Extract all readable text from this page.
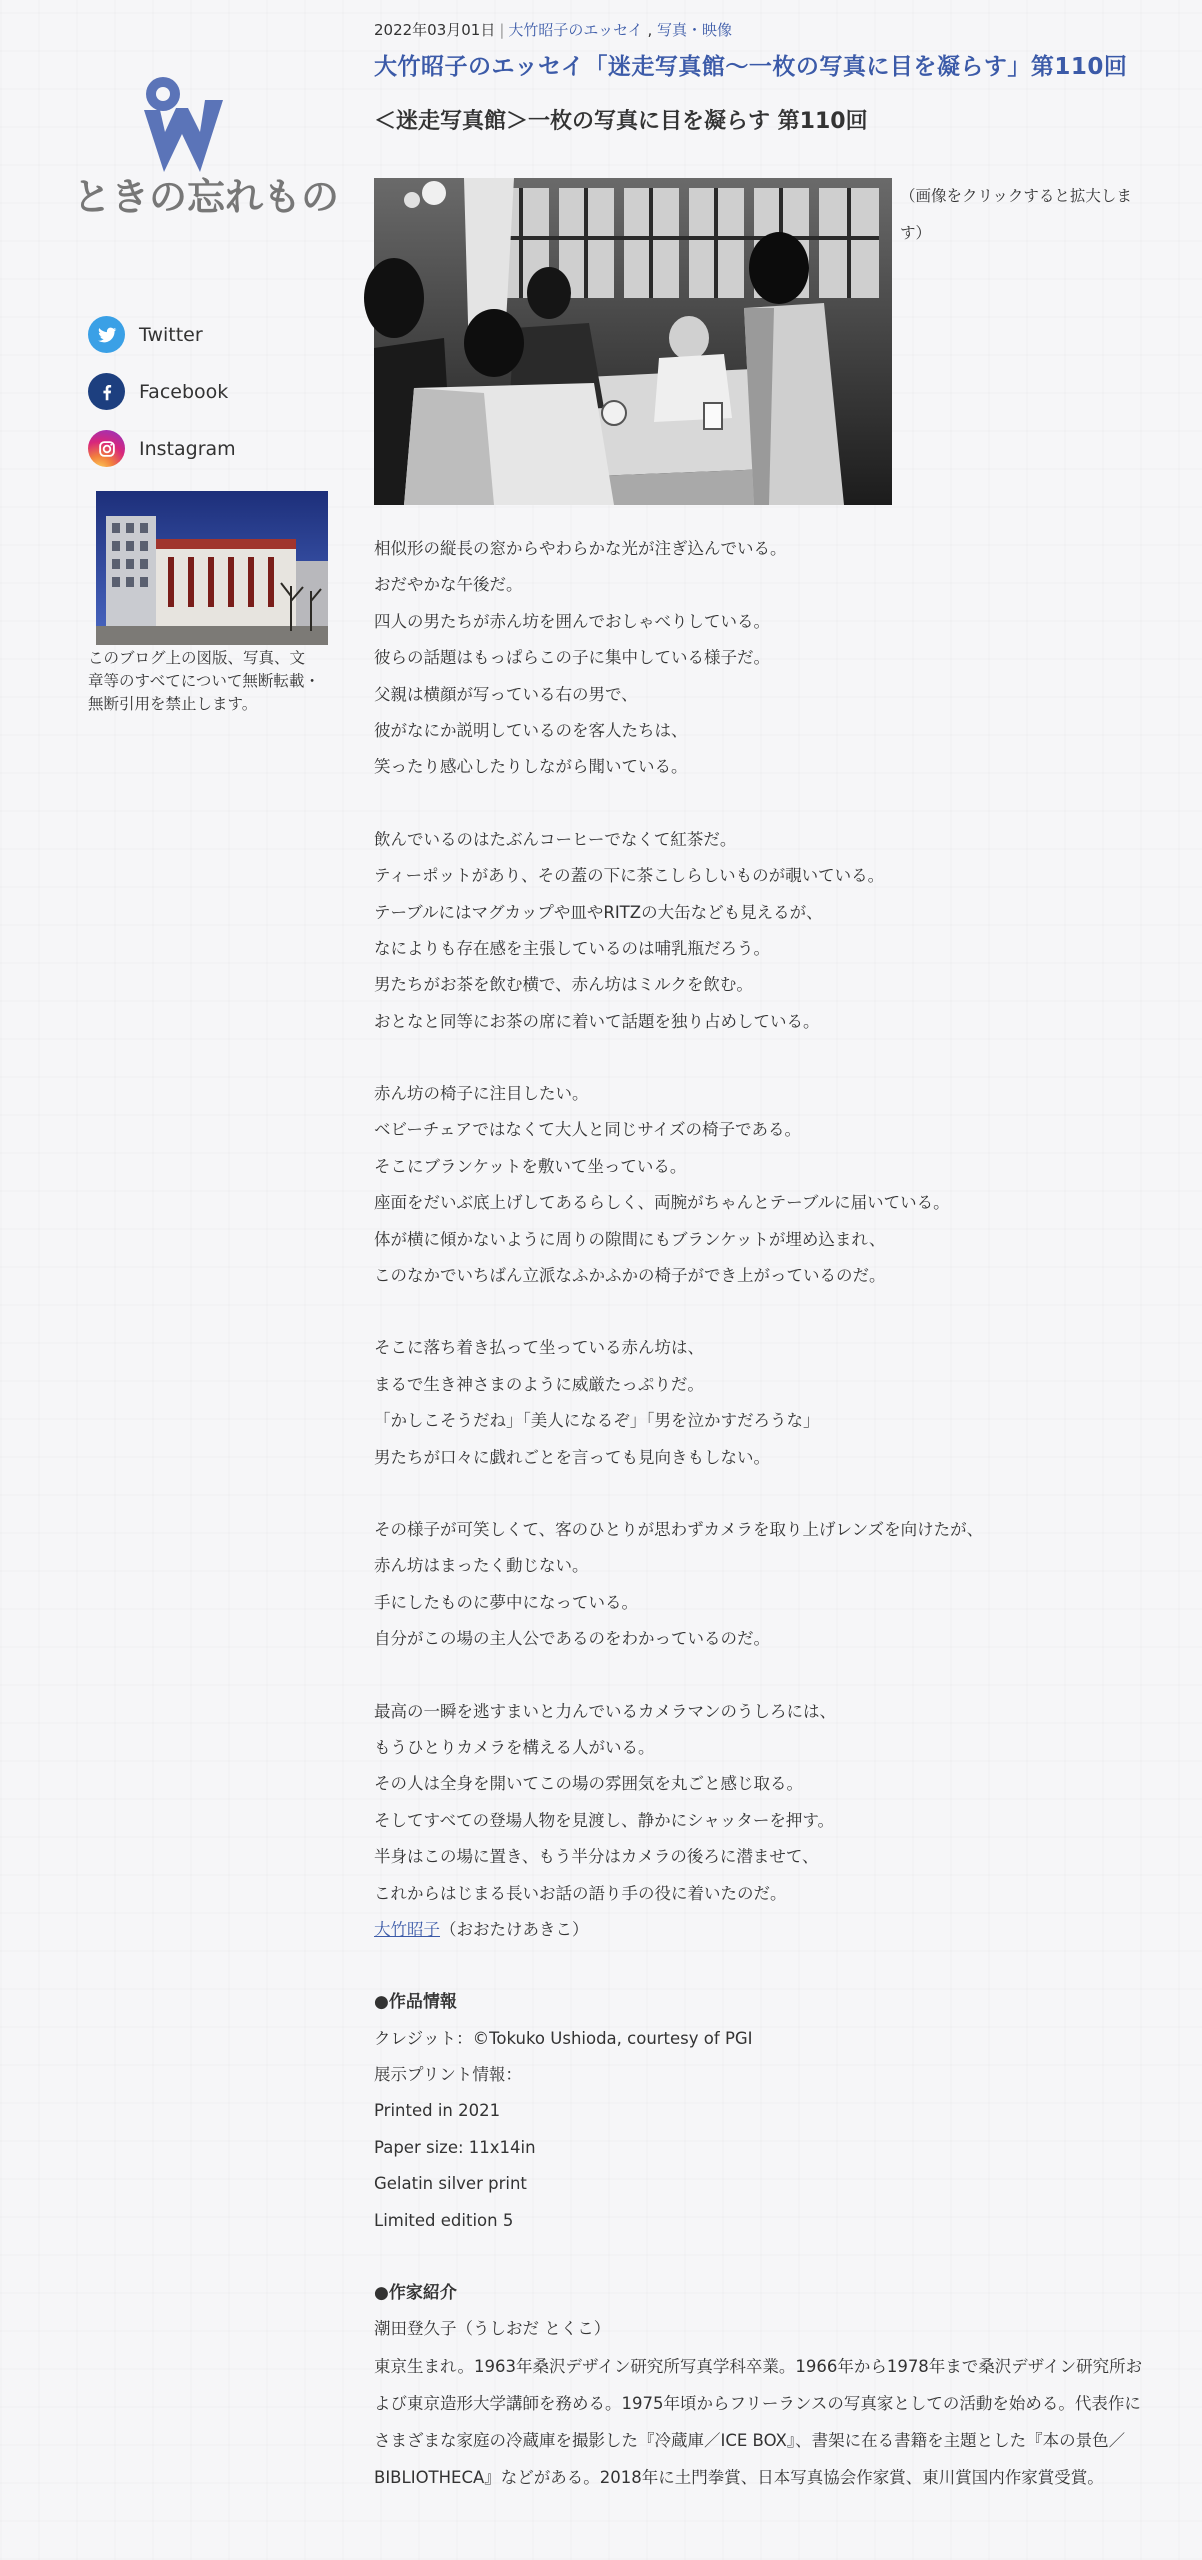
ときの忘れもの
Twitter
Facebook
Instagram

このブログ上の図版、写真、文章等のすべてについて無断転載・無断引用を禁止します。

2022年03月01日 | 大竹昭子のエッセイ , 写真・映像
大竹昭子のエッセイ「迷走写真館〜一枚の写真に目を凝らす」第110回
＜迷走写真館＞一枚の写真に目を凝らす 第110回

（画像をクリックすると拡大します）

相似形の縦長の窓からやわらかな光が注ぎ込んでいる。
おだやかな午後だ。
四人の男たちが赤ん坊を囲んでおしゃべりしている。
彼らの話題はもっぱらこの子に集中している様子だ。
父親は横顔が写っている右の男で、
彼がなにか説明しているのを客人たちは、
笑ったり感心したりしながら聞いている。
飲んでいるのはたぶんコーヒーでなくて紅茶だ。
ティーポットがあり、その蓋の下に茶こしらしいものが覗いている。
テーブルにはマグカップや皿やRITZの大缶なども見えるが、
なによりも存在感を主張しているのは哺乳瓶だろう。
男たちがお茶を飲む横で、赤ん坊はミルクを飲む。
おとなと同等にお茶の席に着いて話題を独り占めしている。
赤ん坊の椅子に注目したい。
ベビーチェアではなくて大人と同じサイズの椅子である。
そこにブランケットを敷いて坐っている。
座面をだいぶ底上げしてあるらしく、両腕がちゃんとテーブルに届いている。
体が横に傾かないように周りの隙間にもブランケットが埋め込まれ、
このなかでいちばん立派なふかふかの椅子ができ上がっているのだ。
そこに落ち着き払って坐っている赤ん坊は、
まるで生き神さまのように威厳たっぷりだ。
「かしこそうだね」「美人になるぞ」「男を泣かすだろうな」
男たちが口々に戯れごとを言っても見向きもしない。
その様子が可笑しくて、客のひとりが思わずカメラを取り上げレンズを向けたが、
赤ん坊はまったく動じない。
手にしたものに夢中になっている。
自分がこの場の主人公であるのをわかっているのだ。
最高の一瞬を逃すまいと力んでいるカメラマンのうしろには、
もうひとりカメラを構える人がいる。
その人は全身を開いてこの場の雰囲気を丸ごと感じ取る。
そしてすべての登場人物を見渡し、静かにシャッターを押す。
半身はこの場に置き、もう半分はカメラの後ろに潜ませて、
これからはじまる長いお話の語り手の役に着いたのだ。
大竹昭子（おおたけあきこ）
●作品情報
クレジット：©Tokuko Ushioda, courtesy of PGI
展示プリント情報：
Printed in 2021
Paper size: 11x14in
Gelatin silver print
Limited edition 5
●作家紹介
潮田登久子（うしおだ とくこ）

東京生まれ。1963年桑沢デザイン研究所写真学科卒業。1966年から1978年まで桑沢デザイン研究所および東京造形大学講師を務める。1975年頃からフリーランスの写真家としての活動を始める。代表作にさまざまな家庭の冷蔵庫を撮影した『冷蔵庫／ICE BOX』、書架に在る書籍を主題とした『本の景色／BIBLIOTHECA』などがある。2018年に土門拳賞、日本写真協会作家賞、東川賞国内作家賞受賞。
